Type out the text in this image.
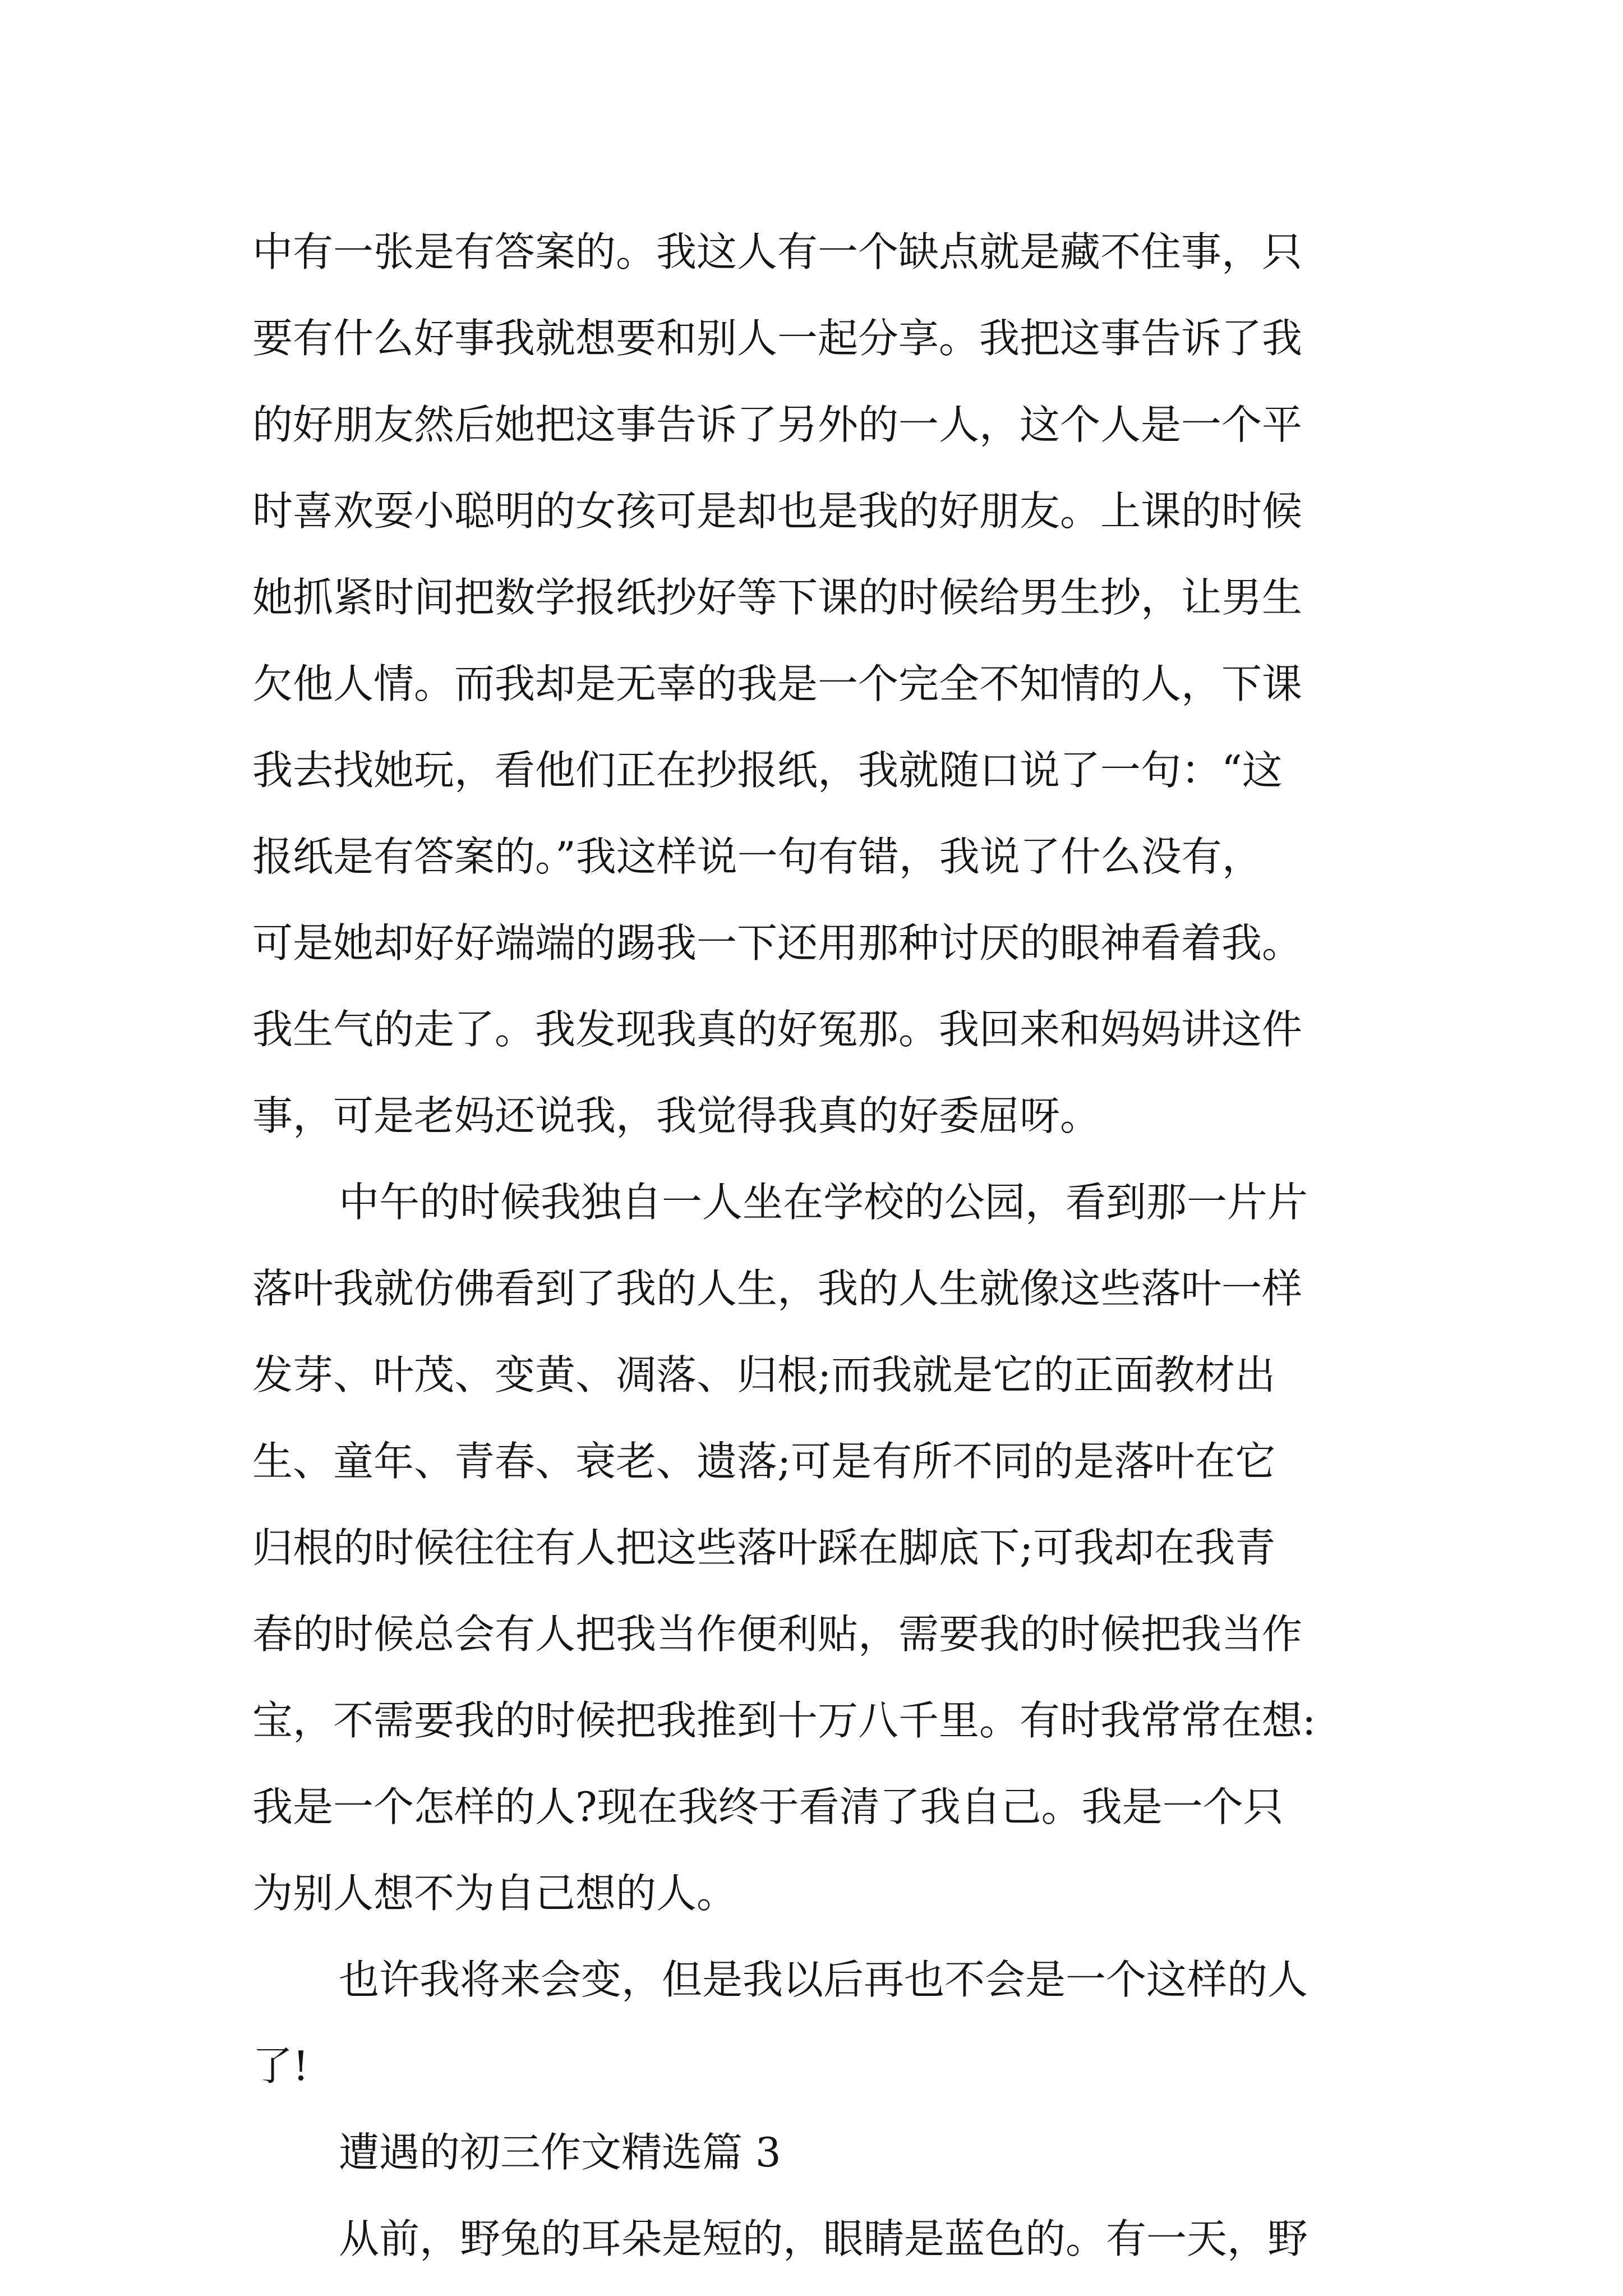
中有一张是有答案的。我这人有一个缺点就是藏不住事，只
要有什么好事我就想要和别人一起分享。我把这事告诉了我
的好朋友然后她把这事告诉了另外的一人，这个人是一个平
时喜欢耍小聪明的女孩可是却也是我的好朋友。上课的时候
她抓紧时间把数学报纸抄好等下课的时候给男生抄，让男生
欠他人情。而我却是无辜的我是一个完全不知情的人，下课
我去找她玩，看他们正在抄报纸，我就随口说了一句：“这
报纸是有答案的。”我这样说一句有错，我说了什么没有，
可是她却好好端端的踢我一下还用那种讨厌的眼神看着我。
我生气的走了。我发现我真的好冤那。我回来和妈妈讲这件
事，可是老妈还说我，我觉得我真的好委屈呀。
中午的时候我独自一人坐在学校的公园，看到那一片片
落叶我就仿佛看到了我的人生，我的人生就像这些落叶一样
发芽、叶茂、变黄、凋落、归根;而我就是它的正面教材出
生、童年、青春、衰老、遗落;可是有所不同的是落叶在它
归根的时候往往有人把这些落叶踩在脚底下;可我却在我青
春的时候总会有人把我当作便利贴，需要我的时候把我当作
宝，不需要我的时候把我推到十万八千里。有时我常常在想:
我是一个怎样的人?现在我终于看清了我自己。我是一个只
为别人想不为自己想的人。
也许我将来会变，但是我以后再也不会是一个这样的人
了!
遭遇的初三作文精选篇 3
从前，野兔的耳朵是短的，眼睛是蓝色的。有一天，野
